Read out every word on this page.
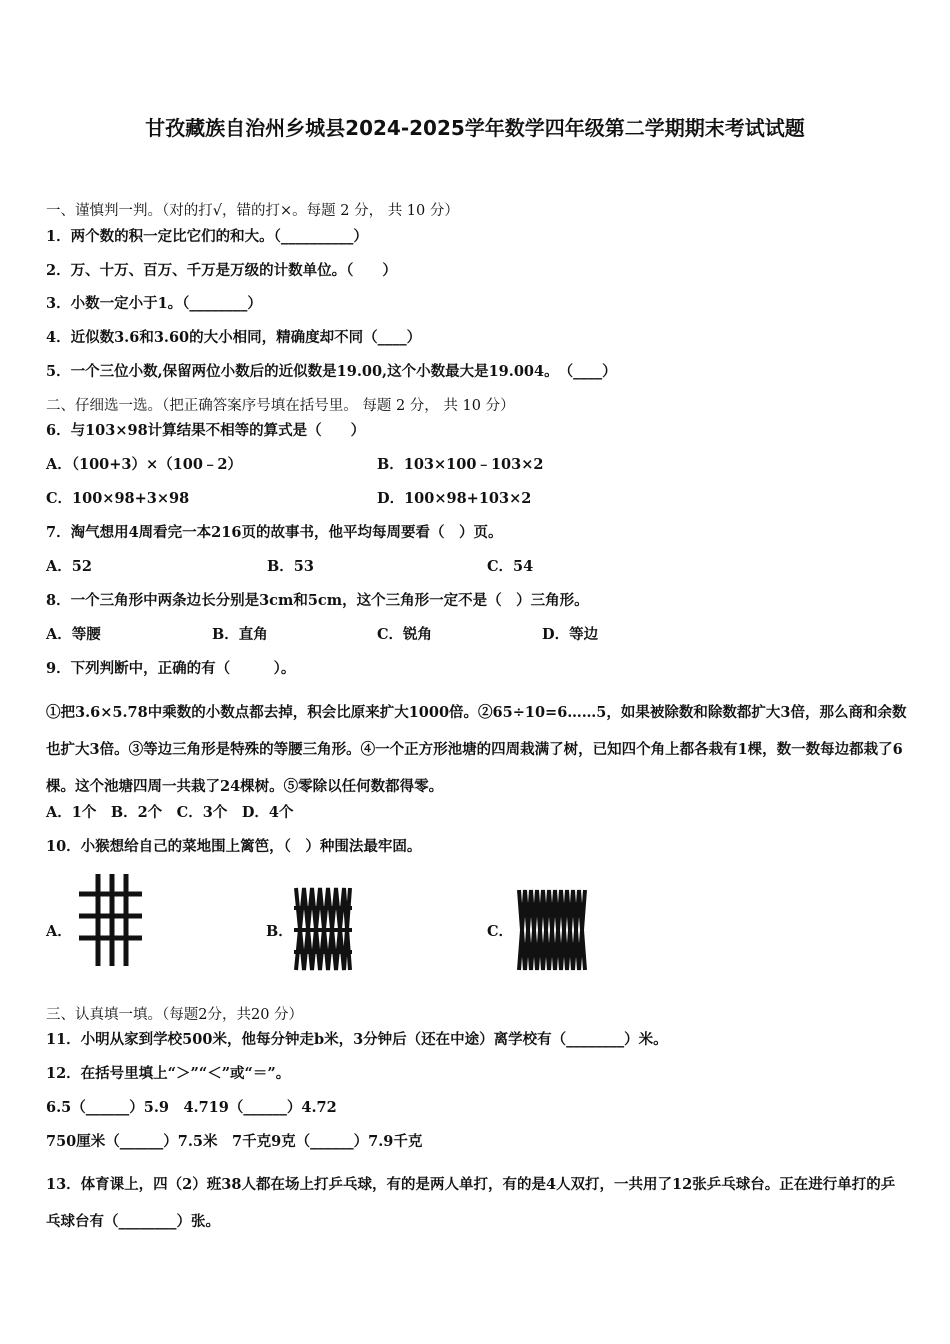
甘孜藏族自治州乡城县2024-2025学年数学四年级第二学期期末考试试题
一、谨慎判一判。（对的打√，错的打×。每题 2 分， 共 10 分）
1．两个数的积一定比它们的和大。（__________）
2．万、十万、百万、千万是万级的计数单位。（　　）
3．小数一定小于1。（________）
4．近似数3.6和3.60的大小相同，精确度却不同（____）
5．一个三位小数,保留两位小数后的近似数是19.00,这个小数最大是19.004。　（____）
二、仔细选一选。（把正确答案序号填在括号里。 每题 2 分， 共 10 分）
6．与103×98计算结果不相等的算式是（　　）
A．（100+3）×（100﹣2）	B．103×100﹣103×2
C．100×98+3×98	D．100×98+103×2
7．淘气想用4周看完一本216页的故事书，他平均每周要看（　）页。
A．52	B．53	C．54
8．一个三角形中两条边长分别是3cm和5cm，这个三角形一定不是（　）三角形。
A．等腰	B．直角	C．锐角	D．等边
9．下列判断中，正确的有（　　　）。
①把3.6×5.78中乘数的小数点都去掉，积会比原来扩大1000倍。②65÷10=6……5，如果被除数和除数都扩大3倍，那么商和余数也扩大3倍。③等边三角形是特殊的等腰三角形。④一个正方形池塘的四周栽满了树，已知四个角上都各栽有1棵，数一数每边都栽了6棵。这个池塘四周一共栽了24棵树。⑤零除以任何数都得零。
A．1个　B．2个　C．3个　D．4个
10．小猴想给自己的菜地围上篱笆，（　）种围法最牢固。
A．	B．	C．
三、认真填一填。（每题2分，共20 分）
11．小明从家到学校500米，他每分钟走b米，3分钟后（还在中途）离学校有（________）米。
12．在括号里填上“＞”“＜”或“＝”。
6.5（______）5.9　4.719（______）4.72
750厘米（______）7.5米　7千克9克（______）7.9千克
13．体育课上，四（2）班38人都在场上打乒乓球，有的是两人单打，有的是4人双打，一共用了12张乒乓球台。正在进行单打的乒乓球台有（________）张。
